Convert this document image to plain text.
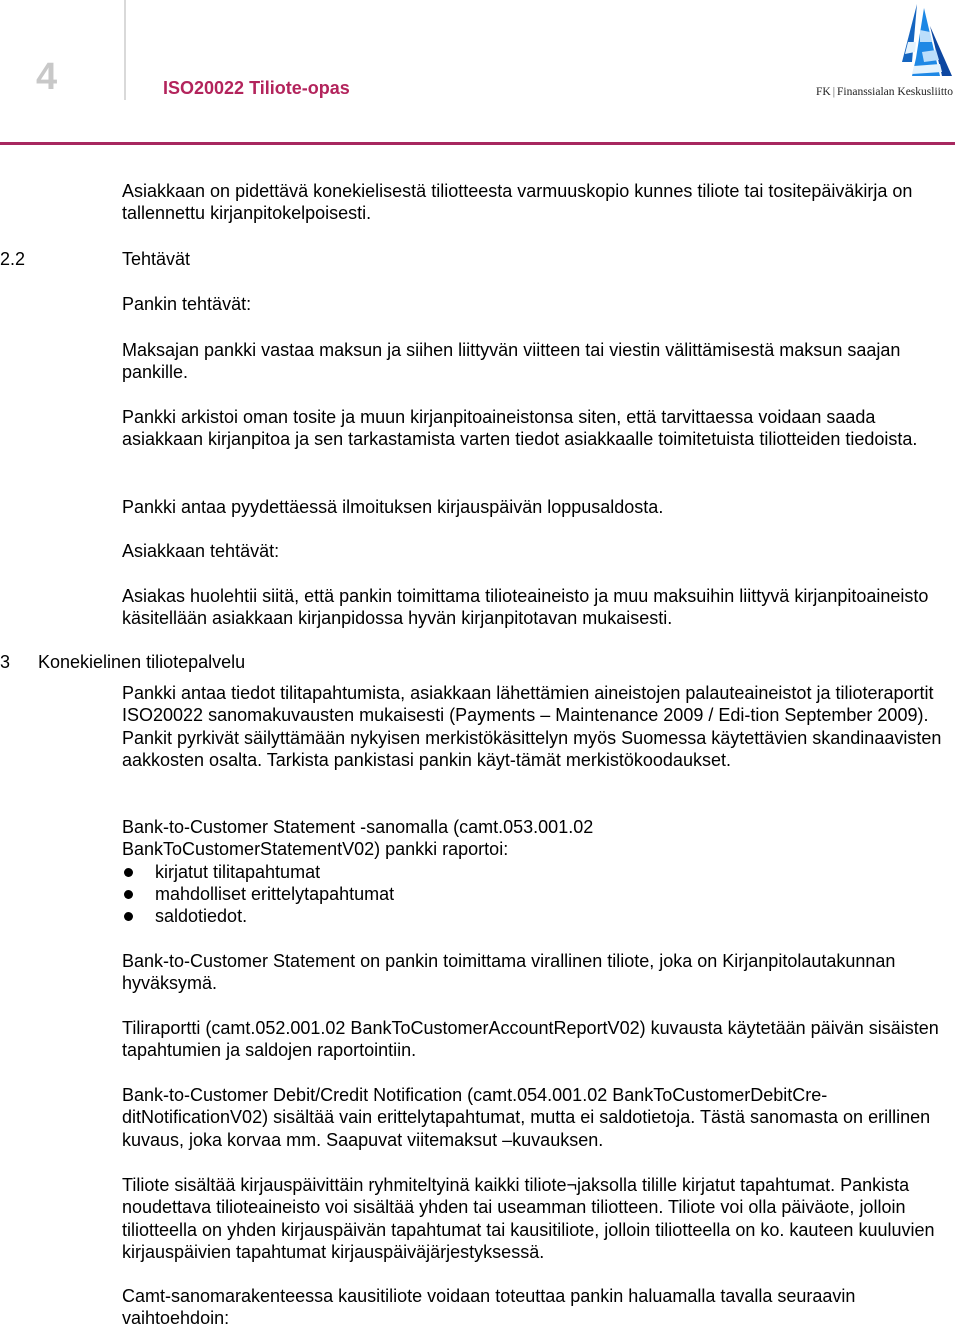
4	ISO20022 Tiliote-opas	FK | Finanssialan Keskusliitto
Asiakkaan on pidettävä konekielisestä tiliotteesta varmuuskopio kunnes tiliote tai tositepäiväkirja on tallennettu kirjanpitokelpoisesti.
2.2	Tehtävät
Pankin tehtävät:
Maksajan pankki vastaa maksun ja siihen liittyvän viitteen tai viestin välittämisestä maksun saajan pankille.
Pankki arkistoi oman tosite ja muun kirjanpitoaineistonsa siten, että tarvittaessa voidaan saada asiakkaan kirjanpitoa ja sen tarkastamista varten tiedot asiakkaalle toimitetuista tiliotteiden tiedoista.
Pankki antaa pyydettäessä ilmoituksen kirjauspäivän loppusaldosta.
Asiakkaan tehtävät:
Asiakas huolehtii siitä, että pankin toimittama tilioteaineisto ja muu maksuihin liittyvä kirjanpitoaineisto käsitellään asiakkaan kirjanpidossa hyvän kirjanpitotavan mukaisesti.
3 Konekielinen tiliotepalvelu
Pankki antaa tiedot tilitapahtumista, asiakkaan lähettämien aineistojen palauteaineistot ja tilioteraportit ISO20022 sanomakuvausten mukaisesti (Payments – Maintenance 2009 / Edi-tion September 2009). Pankit pyrkivät säilyttämään nykyisen merkistökäsittelyn myös Suomessa käytettävien skandinaavisten aakkosten osalta. Tarkista pankistasi pankin käyt-tämät merkistökoodaukset.
Bank-to-Customer Statement -sanomalla (camt.053.001.02
BankToCustomerStatementV02) pankki raportoi:
kirjatut tilitapahtumat
mahdolliset erittelytapahtumat
saldotiedot.
Bank-to-Customer Statement on pankin toimittama virallinen tiliote, joka on Kirjanpitolautakunnan hyväksymä.
Tiliraportti (camt.052.001.02 BankToCustomerAccountReportV02) kuvausta käytetään päivän sisäisten tapahtumien ja saldojen raportointiin.
Bank-to-Customer Debit/Credit Notification (camt.054.001.02 BankToCustomerDebitCre-ditNotificationV02) sisältää vain erittelytapahtumat, mutta ei saldotietoja. Tästä sanomasta on erillinen kuvaus, joka korvaa mm. Saapuvat viitemaksut –kuvauksen.
Tiliote sisältää kirjauspäivittäin ryhmiteltyinä kaikki tiliote¬jaksolla tilille kirjatut tapahtumat. Pankista noudettava tilioteaineisto voi sisältää yhden tai useamman tiliotteen. Tiliote voi olla päiväote, jolloin tiliotteella on yhden kirjauspäivän tapahtumat tai kausitiliote, jolloin tiliotteella on ko. kauteen kuuluvien kirjauspäivien tapahtumat kirjauspäiväjärjestyksessä.
Camt-sanomarakenteessa kausitiliote voidaan toteuttaa pankin haluamalla tavalla seuraavin vaihtoehdoin:
